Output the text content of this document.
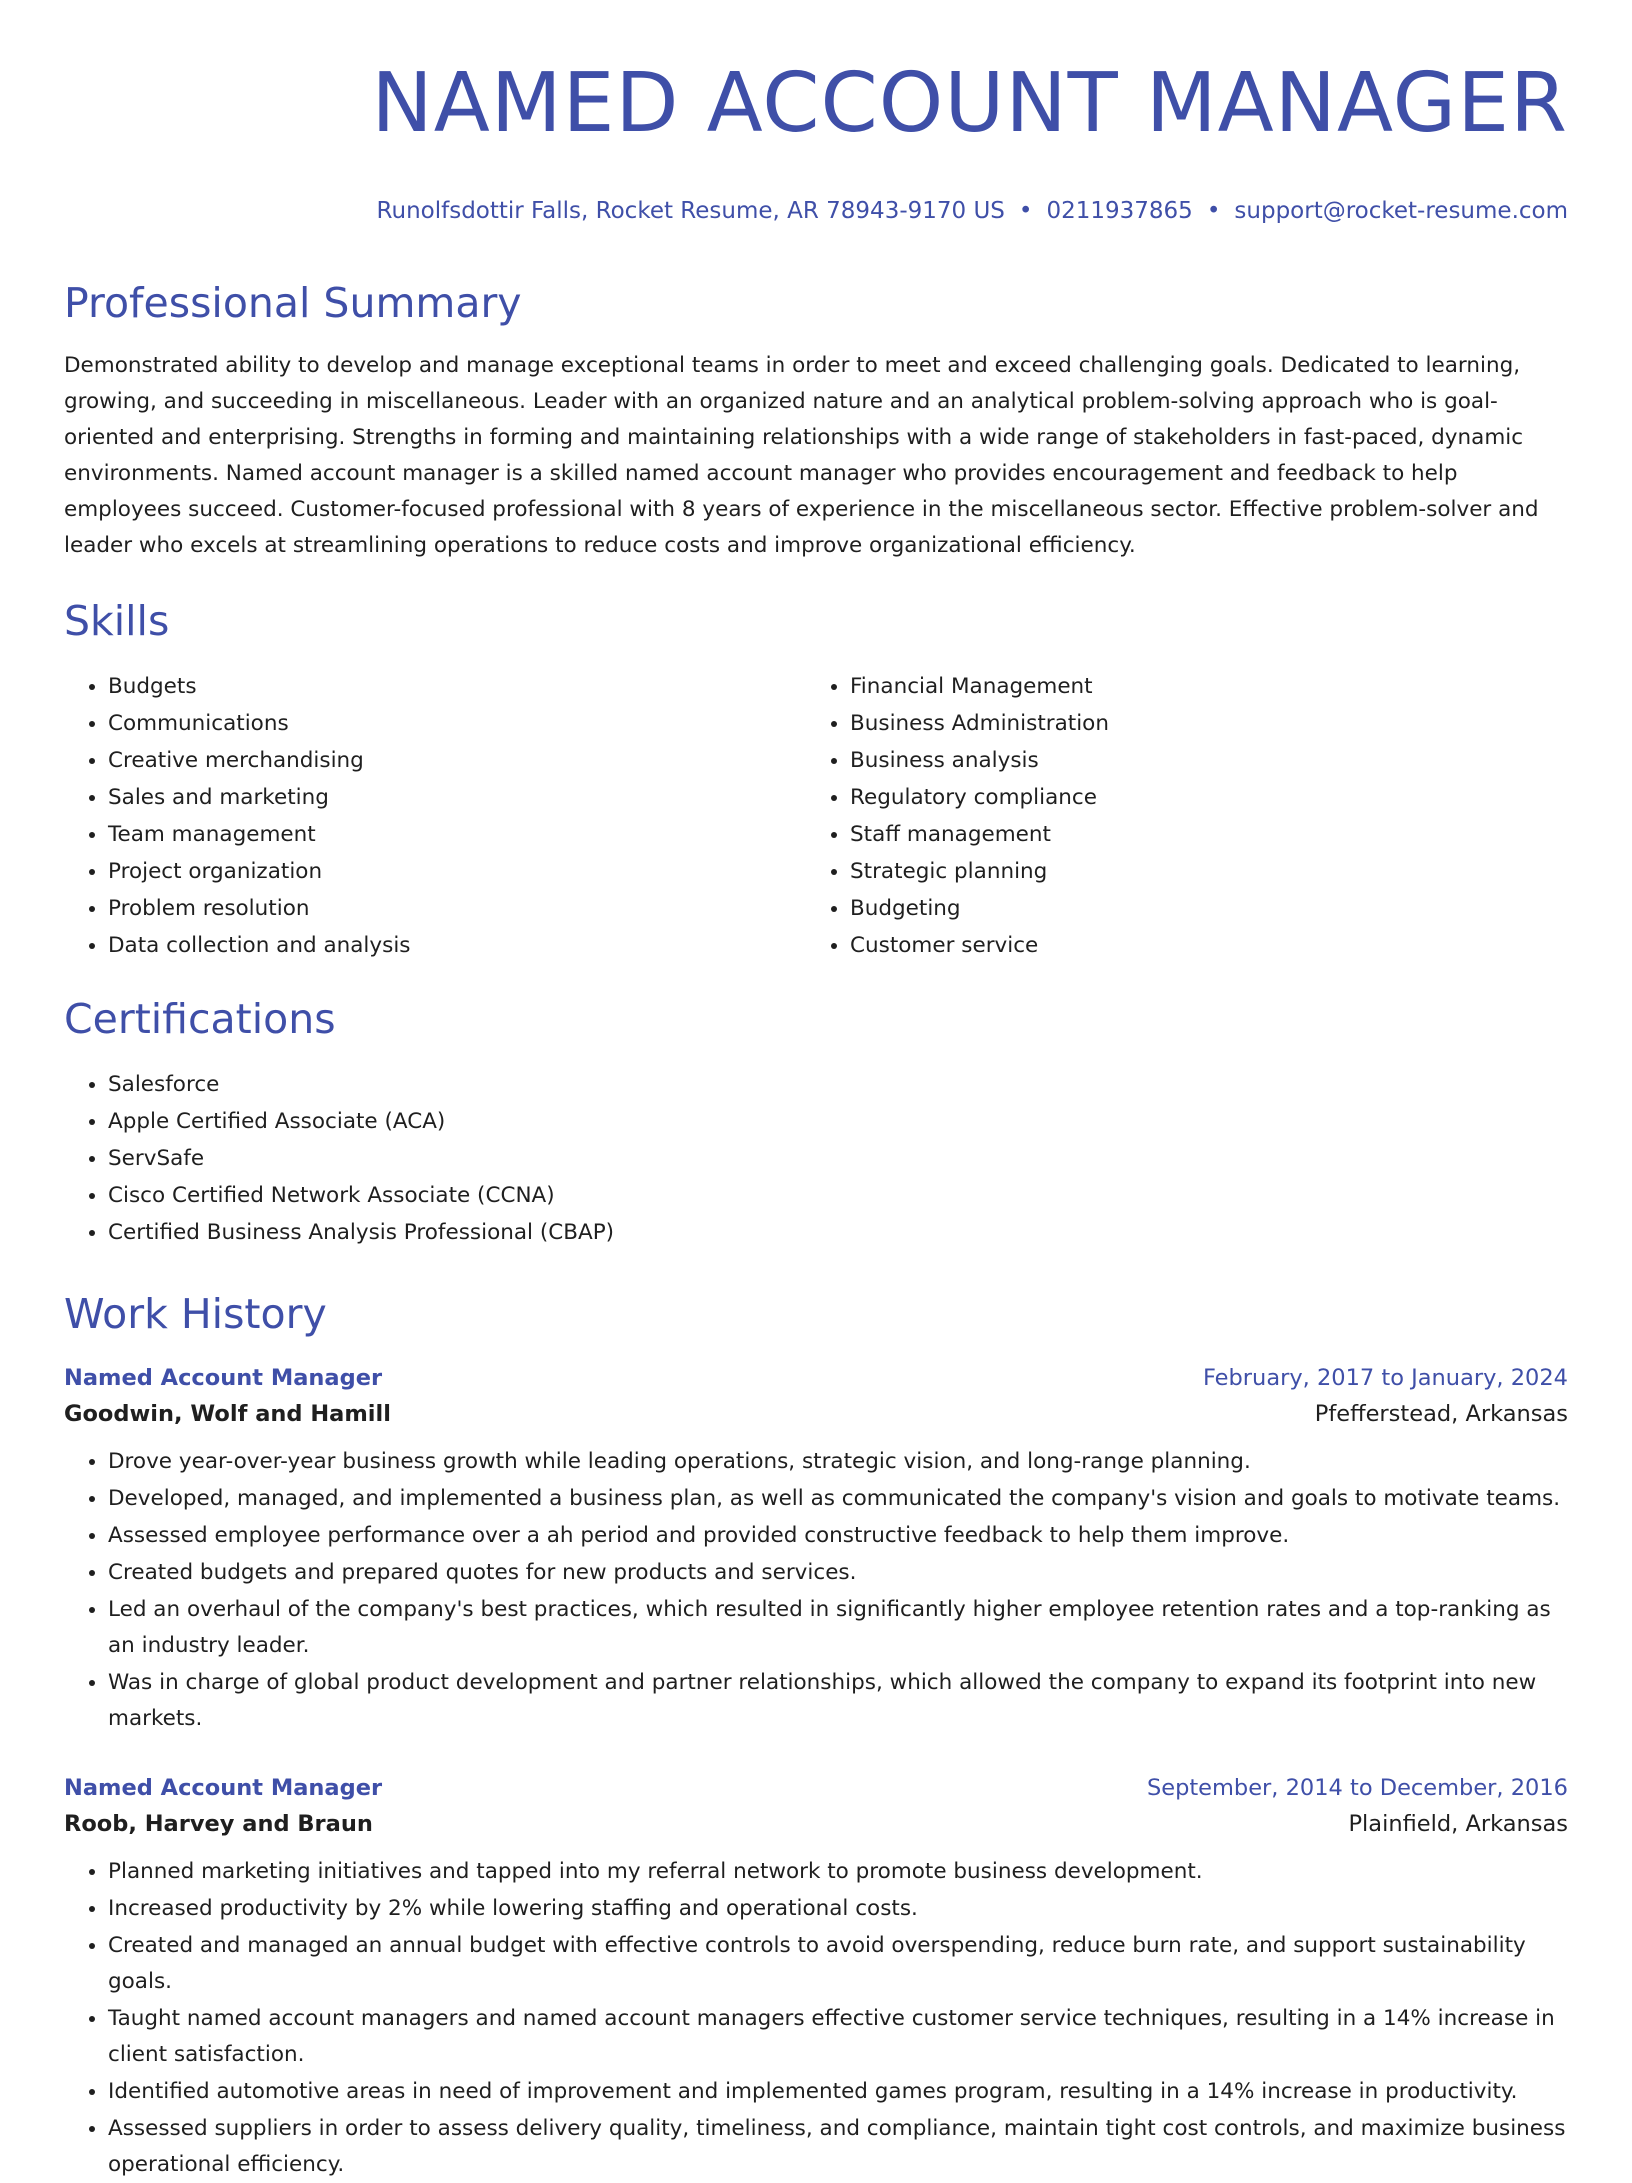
NAMED ACCOUNT MANAGER
Runolfsdottir Falls, Rocket Resume, AR 78943-9170 US • 0211937865 • support@rocket-resume.com
Professional Summary
Demonstrated ability to develop and manage exceptional teams in order to meet and exceed challenging goals. Dedicated to learning, growing, and succeeding in miscellaneous. Leader with an organized nature and an analytical problem-solving approach who is goal-oriented and enterprising. Strengths in forming and maintaining relationships with a wide range of stakeholders in fast-paced, dynamic environments. Named account manager is a skilled named account manager who provides encouragement and feedback to help employees succeed. Customer-focused professional with 8 years of experience in the miscellaneous sector. Effective problem-solver and leader who excels at streamlining operations to reduce costs and improve organizational efficiency.
Skills
• Budgets
• Communications
• Creative merchandising
• Sales and marketing
• Team management
• Project organization
• Problem resolution
• Data collection and analysis
• Financial Management
• Business Administration
• Business analysis
• Regulatory compliance
• Staff management
• Strategic planning
• Budgeting
• Customer service
Certifications
• Salesforce
• Apple Certified Associate (ACA)
• ServSafe
• Cisco Certified Network Associate (CCNA)
• Certified Business Analysis Professional (CBAP)
Work History
Named Account Manager	February, 2017 to January, 2024
Goodwin, Wolf and Hamill	Pfefferstead, Arkansas
• Drove year-over-year business growth while leading operations, strategic vision, and long-range planning.
• Developed, managed, and implemented a business plan, as well as communicated the company's vision and goals to motivate teams.
• Assessed employee performance over a ah period and provided constructive feedback to help them improve.
• Created budgets and prepared quotes for new products and services.
• Led an overhaul of the company's best practices, which resulted in significantly higher employee retention rates and a top-ranking as an industry leader.
• Was in charge of global product development and partner relationships, which allowed the company to expand its footprint into new markets.
Named Account Manager	September, 2014 to December, 2016
Roob, Harvey and Braun	Plainfield, Arkansas
• Planned marketing initiatives and tapped into my referral network to promote business development.
• Increased productivity by 2% while lowering staffing and operational costs.
• Created and managed an annual budget with effective controls to avoid overspending, reduce burn rate, and support sustainability goals.
• Taught named account managers and named account managers effective customer service techniques, resulting in a 14% increase in client satisfaction.
• Identified automotive areas in need of improvement and implemented games program, resulting in a 14% increase in productivity.
• Assessed suppliers in order to assess delivery quality, timeliness, and compliance, maintain tight cost controls, and maximize business operational efficiency.
